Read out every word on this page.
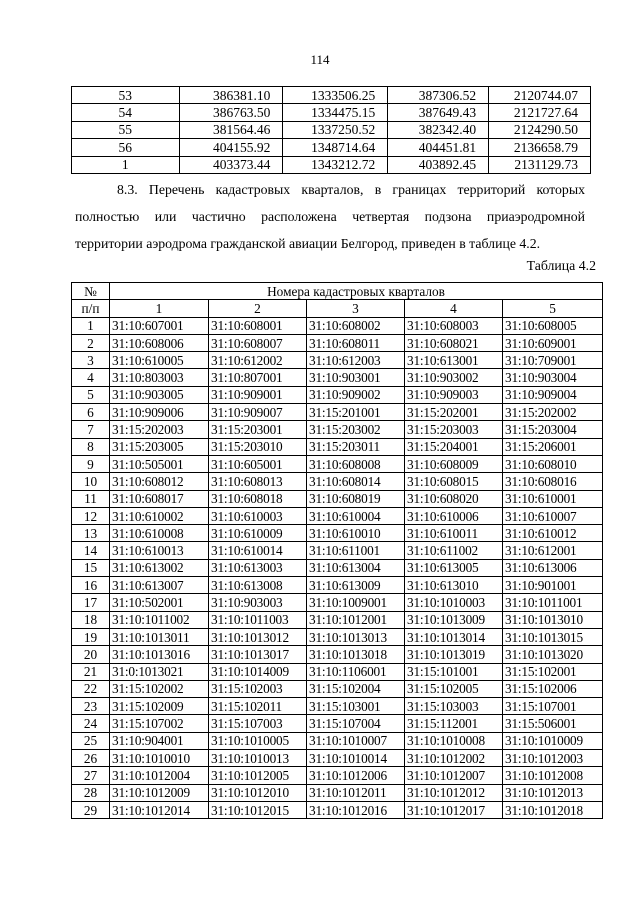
114
53	386381.10	1333506.25	387306.52	2120744.07
54	386763.50	1334475.15	387649.43	2121727.64
55	381564.46	1337250.52	382342.40	2124290.50
56	404155.92	1348714.64	404451.81	2136658.79
1	403373.44	1343212.72	403892.45	2131129.73
8.3. Перечень кадастровых кварталов, в границах территорий которых
полностью или частично расположена четвертая подзона приаэродромной
территории аэродрома гражданской авиации Белгород, приведен в таблице 4.2.
Таблица 4.2
№	Номера кадастровых кварталов				
п/п	1	2	3	4	5
1	31:10:607001	31:10:608001	31:10:608002	31:10:608003	31:10:608005
2	31:10:608006	31:10:608007	31:10:608011	31:10:608021	31:10:609001
3	31:10:610005	31:10:612002	31:10:612003	31:10:613001	31:10:709001
4	31:10:803003	31:10:807001	31:10:903001	31:10:903002	31:10:903004
5	31:10:903005	31:10:909001	31:10:909002	31:10:909003	31:10:909004
6	31:10:909006	31:10:909007	31:15:201001	31:15:202001	31:15:202002
7	31:15:202003	31:15:203001	31:15:203002	31:15:203003	31:15:203004
8	31:15:203005	31:15:203010	31:15:203011	31:15:204001	31:15:206001
9	31:10:505001	31:10:605001	31:10:608008	31:10:608009	31:10:608010
10	31:10:608012	31:10:608013	31:10:608014	31:10:608015	31:10:608016
11	31:10:608017	31:10:608018	31:10:608019	31:10:608020	31:10:610001
12	31:10:610002	31:10:610003	31:10:610004	31:10:610006	31:10:610007
13	31:10:610008	31:10:610009	31:10:610010	31:10:610011	31:10:610012
14	31:10:610013	31:10:610014	31:10:611001	31:10:611002	31:10:612001
15	31:10:613002	31:10:613003	31:10:613004	31:10:613005	31:10:613006
16	31:10:613007	31:10:613008	31:10:613009	31:10:613010	31:10:901001
17	31:10:502001	31:10:903003	31:10:1009001	31:10:1010003	31:10:1011001
18	31:10:1011002	31:10:1011003	31:10:1012001	31:10:1013009	31:10:1013010
19	31:10:1013011	31:10:1013012	31:10:1013013	31:10:1013014	31:10:1013015
20	31:10:1013016	31:10:1013017	31:10:1013018	31:10:1013019	31:10:1013020
21	31:0:1013021	31:10:1014009	31:10:1106001	31:15:101001	31:15:102001
22	31:15:102002	31:15:102003	31:15:102004	31:15:102005	31:15:102006
23	31:15:102009	31:15:102011	31:15:103001	31:15:103003	31:15:107001
24	31:15:107002	31:15:107003	31:15:107004	31:15:112001	31:15:506001
25	31:10:904001	31:10:1010005	31:10:1010007	31:10:1010008	31:10:1010009
26	31:10:1010010	31:10:1010013	31:10:1010014	31:10:1012002	31:10:1012003
27	31:10:1012004	31:10:1012005	31:10:1012006	31:10:1012007	31:10:1012008
28	31:10:1012009	31:10:1012010	31:10:1012011	31:10:1012012	31:10:1012013
29	31:10:1012014	31:10:1012015	31:10:1012016	31:10:1012017	31:10:1012018
